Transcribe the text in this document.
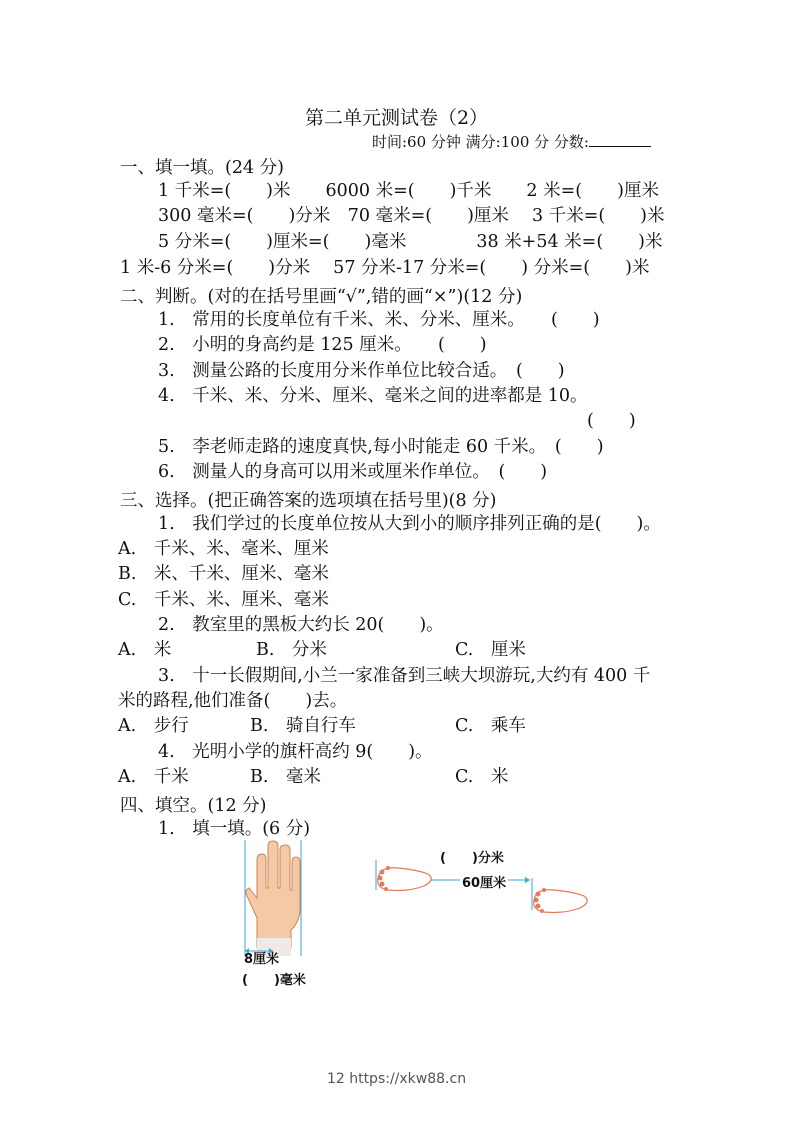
第二单元测试卷（2）
时间:60 分钟 满分:100 分 分数:
一、填一填。(24 分)
1 千米=(　　)米　　6000 米=(　　)千米　　2 米=(　　)厘米
300 毫米=(　　)分米　70 毫米=(　　)厘米　 3 千米=(　　)米
5 分米=(　　)厘米=(　　)毫米　　　　38 米+54 米=(　　)米
1 米-6 分米=(　　)分米　 57 分米-17 分米=(　　) 分米=(　　)米
二、判断。(对的在括号里画“√”,错的画“×”)(12 分)
1.　常用的长度单位有千米、米、分米、厘米。　　(　　)
2.　小明的身高约是 125 厘米。　　(　　)
3.　测量公路的长度用分米作单位比较合适。　(　　)
4.　千米、米、分米、厘米、毫米之间的进率都是 10。
(　　)
5.　李老师走路的速度真快,每小时能走 60 千米。　(　　)
6.　测量人的身高可以用米或厘米作单位。　(　　)
三、选择。(把正确答案的选项填在括号里)(8 分)
1.　我们学过的长度单位按从大到小的顺序排列正确的是(　　)。
A.　千米、米、毫米、厘米
B.　米、千米、厘米、毫米
C.　千米、米、厘米、毫米
2.　教室里的黑板大约长 20(　　)。
A.　米	B.　分米	C.　厘米
3.　十一长假期间,小兰一家准备到三峡大坝游玩,大约有 400 千
米的路程,他们准备(　　)去。
A.　步行	B.　骑自行车	C.　乘车
4.　光明小学的旗杆高约 9(　　)。
A.　千米	B.　毫米	C.　米
四、填空。(12 分)
1.　填一填。(6 分)
8厘米
(　　)毫米
(　　)分米
60厘米
12 https://xkw88.cn
